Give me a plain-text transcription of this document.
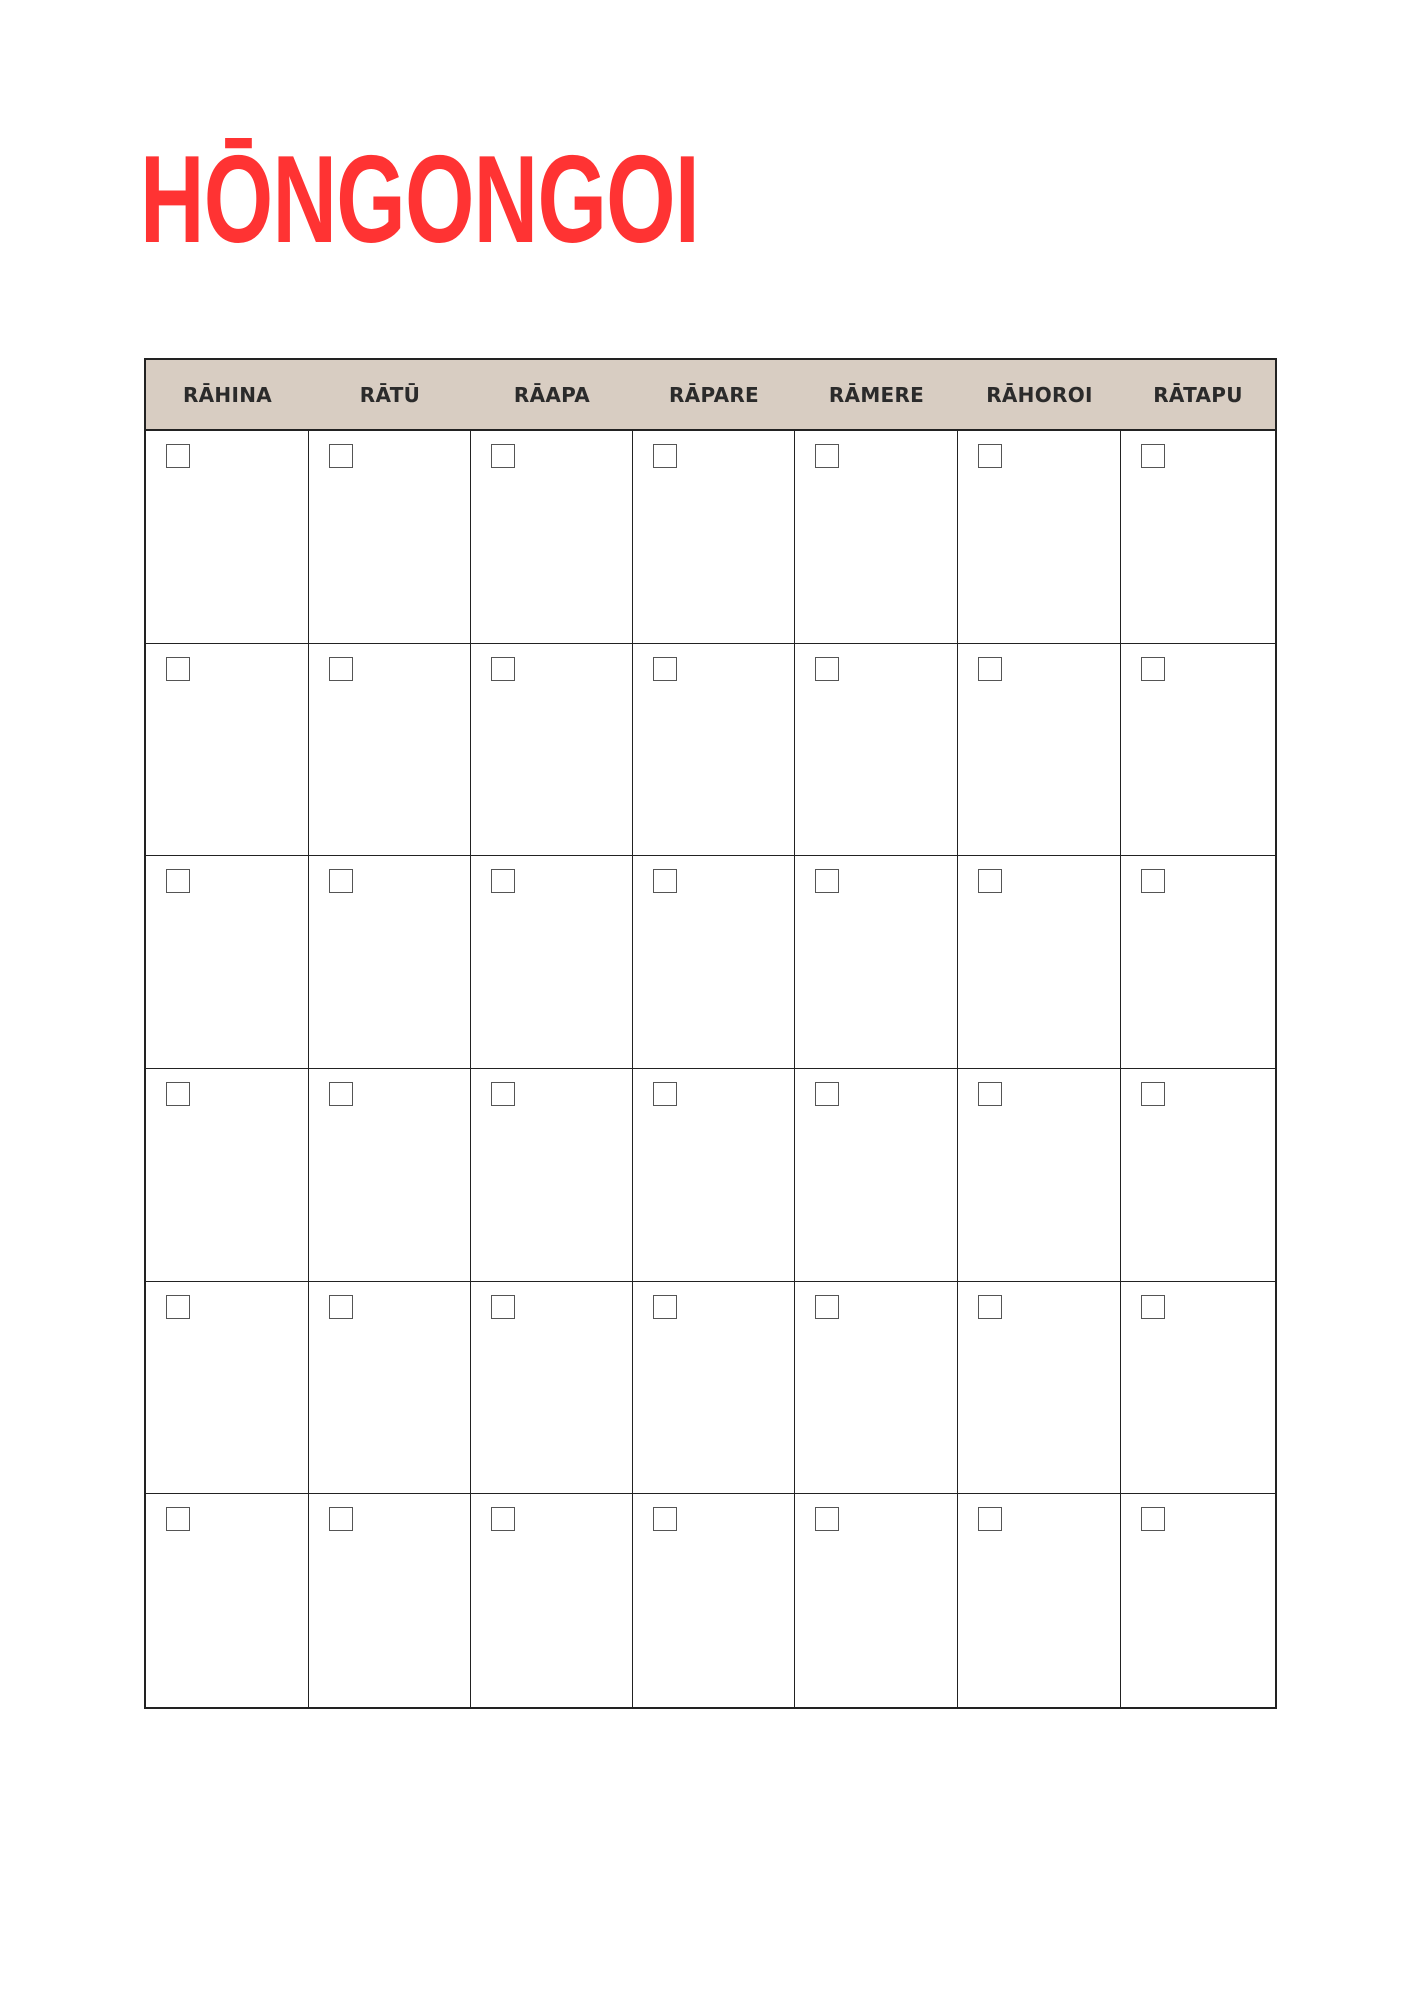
HŌNGONGOI
RĀHINA	RĀTŪ	RĀAPA	RĀPARE	RĀMERE	RĀHOROI	RĀTAPU
